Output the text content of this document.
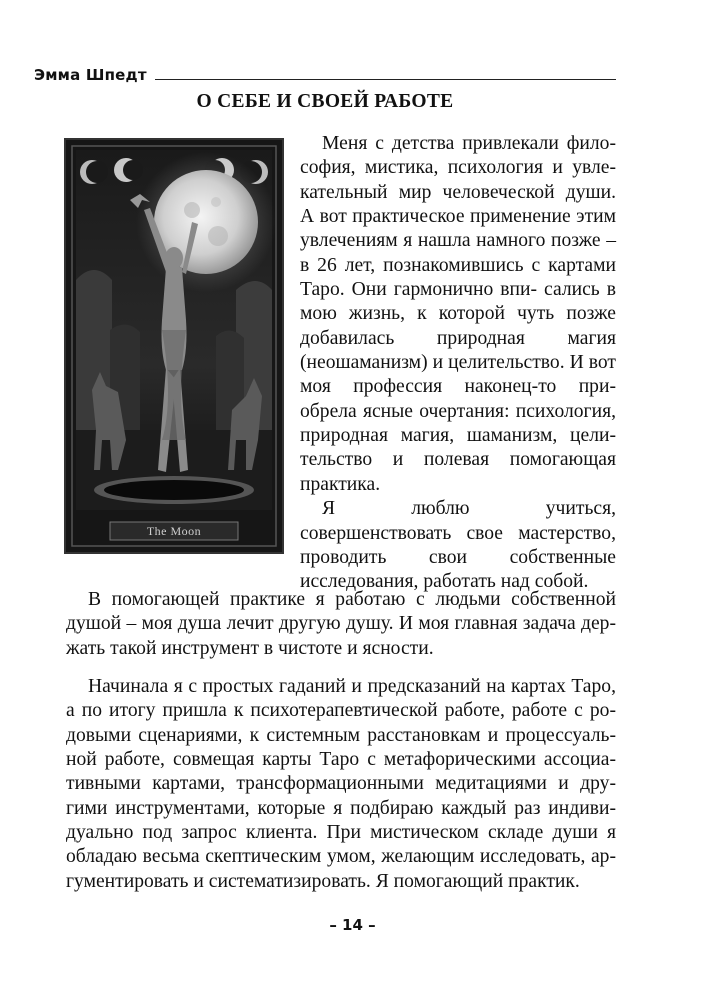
Эмма Шпедт
О СЕБЕ И СВОЕЙ РАБОТЕ
The Moon

Меня с детства привлекали фило- софия, мистика, психология и увле- кательный мир человеческой души. А вот практическое применение этим увлечениям я нашла намного позже – в 26 лет, познакомившись с картами Таро. Они гармонично впи- сались в мою жизнь, к которой чуть позже добавилась природная магия (неошаманизм) и целительство. И вот моя профессия наконец-то при- обрела ясные очертания: психология, природная магия, шаманизм, цели- тельство и полевая помогающая практика.

Я люблю учиться, совершенствовать свое мастерство, проводить свои собственные исследования, работать над собой.

В помогающей практике я работаю с людьми собственной душой – моя душа лечит другую душу. И моя главная задача дер- жать такой инструмент в чистоте и ясности.

Начинала я с простых гаданий и предсказаний на картах Таро, а по итогу пришла к психотерапевтической работе, работе с ро- довыми сценариями, к системным расстановкам и процессуаль- ной работе, совмещая карты Таро с метафорическими ассоциа- тивными картами, трансформационными медитациями и дру- гими инструментами, которые я подбираю каждый раз индиви- дуально под запрос клиента. При мистическом складе души я обладаю весьма скептическим умом, желающим исследовать, ар- гументировать и систематизировать. Я помогающий практик.

– 14 –
